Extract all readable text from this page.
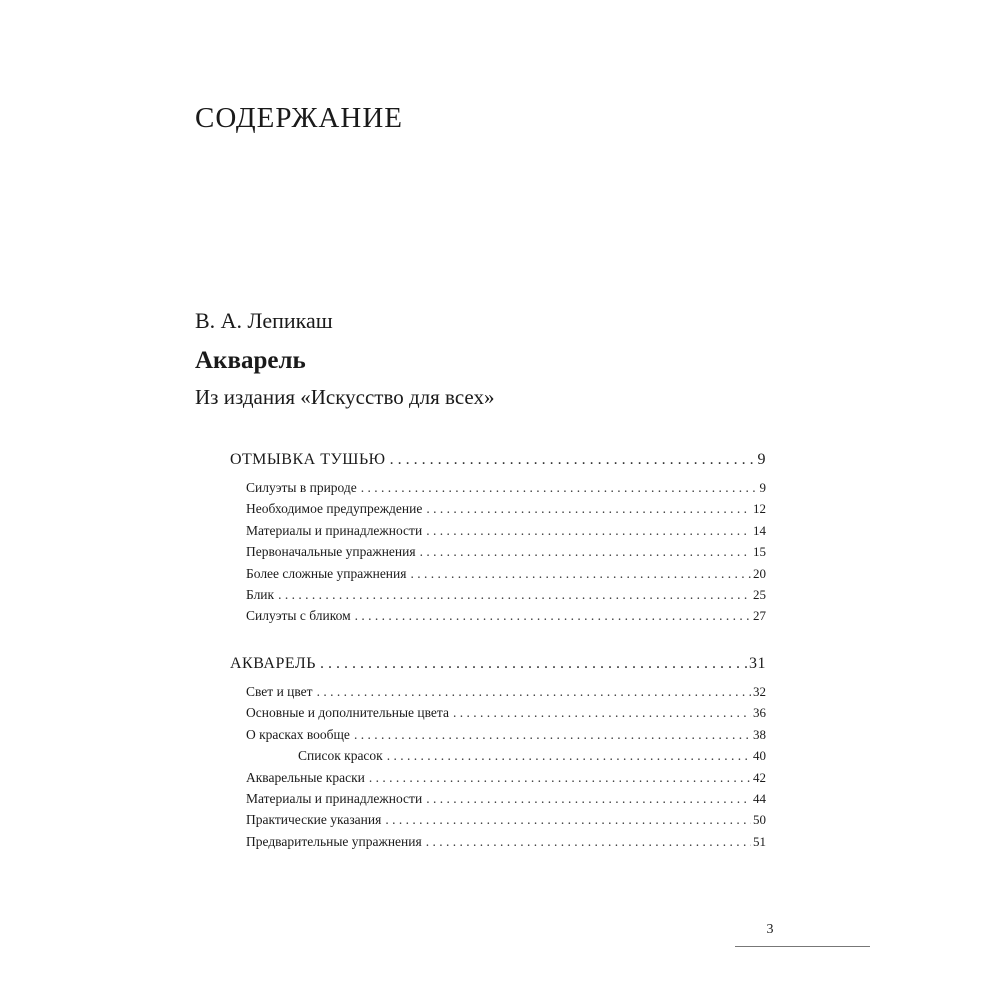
СОДЕРЖАНИЕ
В. А. Лепикаш
Акварель
Из издания «Искусство для всех»
ОТМЫВКА ТУШЬЮ . . .	9
Силуэты в природе . . .	9
Необходимое предупреждение . . .	12
Материалы и принадлежности . . .	14
Первоначальные упражнения . . .	15
Более сложные упражнения . . .	20
Блик . . .	25
Силуэты с бликом . . .	27
АКВАРЕЛЬ . . .	31
Свет и цвет . . .	32
Основные и дополнительные цвета . . .	36
О красках вообще . . .	38
Список красок . . .	40
Акварельные краски . . .	42
Материалы и принадлежности . . .	44
Практические указания . . .	50
Предварительные упражнения . . .	51
3
